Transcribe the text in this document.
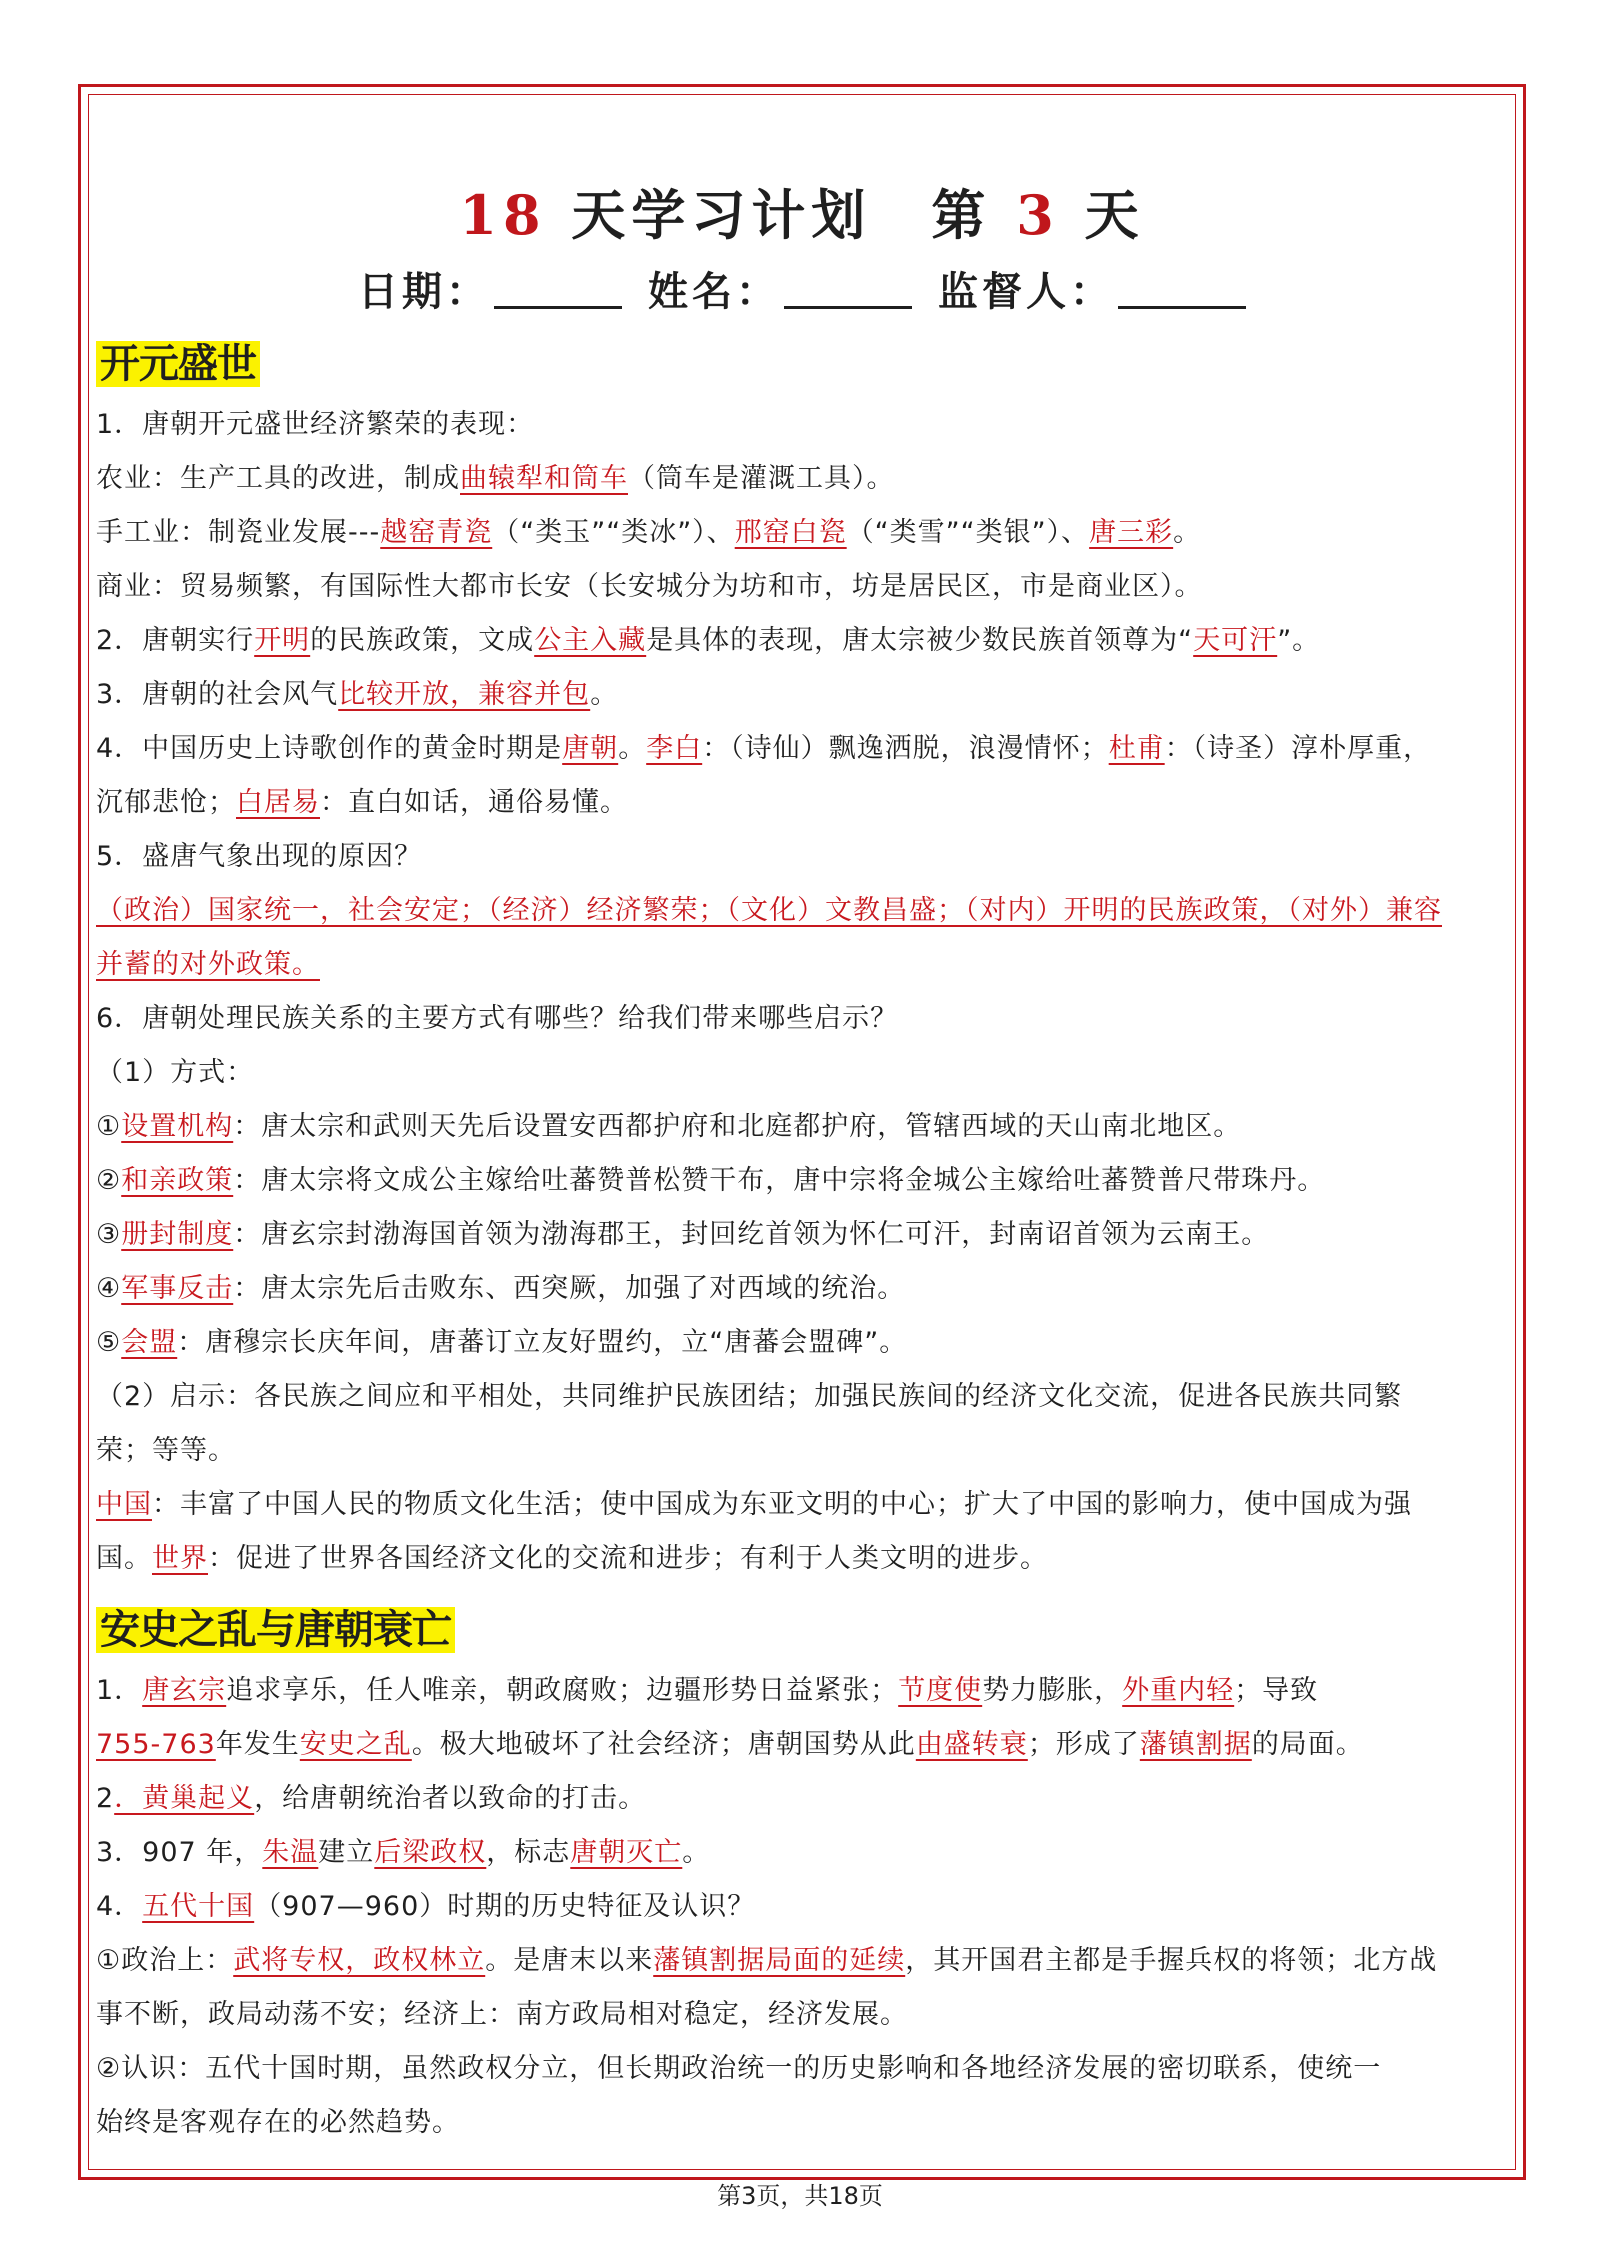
18 天学习计划 第 3 天
日期：	姓名：	监督人：
开元盛世

1．唐朝开元盛世经济繁荣的表现：

农业：生产工具的改进，制成曲辕犁和筒车（筒车是灌溉工具）。

手工业：制瓷业发展---越窑青瓷（“类玉”“类冰”）、邢窑白瓷（“类雪”“类银”）、唐三彩。

商业：贸易频繁，有国际性大都市长安（长安城分为坊和市，坊是居民区，市是商业区）。

2．唐朝实行开明的民族政策，文成公主入藏是具体的表现，唐太宗被少数民族首领尊为“天可汗”。

3．唐朝的社会风气比较开放，兼容并包。

4．中国历史上诗歌创作的黄金时期是唐朝。李白：（诗仙）飘逸洒脱，浪漫情怀；杜甫：（诗圣）淳朴厚重，

沉郁悲怆；白居易：直白如话，通俗易懂。

5．盛唐气象出现的原因？

（政治）国家统一，社会安定；（经济）经济繁荣；（文化）文教昌盛；（对内）开明的民族政策，（对外）兼容

并蓄的对外政策。

6．唐朝处理民族关系的主要方式有哪些？给我们带来哪些启示？

（1）方式：

①设置机构：唐太宗和武则天先后设置安西都护府和北庭都护府，管辖西域的天山南北地区。

②和亲政策：唐太宗将文成公主嫁给吐蕃赞普松赞干布，唐中宗将金城公主嫁给吐蕃赞普尺带珠丹。

③册封制度：唐玄宗封渤海国首领为渤海郡王，封回纥首领为怀仁可汗，封南诏首领为云南王。

④军事反击：唐太宗先后击败东、西突厥，加强了对西域的统治。

⑤会盟：唐穆宗长庆年间，唐蕃订立友好盟约，立“唐蕃会盟碑”。

（2）启示：各民族之间应和平相处，共同维护民族团结；加强民族间的经济文化交流，促进各民族共同繁

荣；等等。

中国：丰富了中国人民的物质文化生活；使中国成为东亚文明的中心；扩大了中国的影响力，使中国成为强

国。世界：促进了世界各国经济文化的交流和进步；有利于人类文明的进步。

安史之乱与唐朝衰亡

1．唐玄宗追求享乐，任人唯亲，朝政腐败；边疆形势日益紧张；节度使势力膨胀，外重内轻；导致

755-763年发生安史之乱。极大地破坏了社会经济；唐朝国势从此由盛转衰；形成了藩镇割据的局面。

2．黄巢起义，给唐朝统治者以致命的打击。

3．907 年，朱温建立后梁政权，标志唐朝灭亡。

4．五代十国（907—960）时期的历史特征及认识？

①政治上：武将专权，政权林立。是唐末以来藩镇割据局面的延续，其开国君主都是手握兵权的将领；北方战

事不断，政局动荡不安；经济上：南方政局相对稳定，经济发展。

②认识：五代十国时期，虽然政权分立，但长期政治统一的历史影响和各地经济发展的密切联系，使统一

始终是客观存在的必然趋势。

第3页，共18页
